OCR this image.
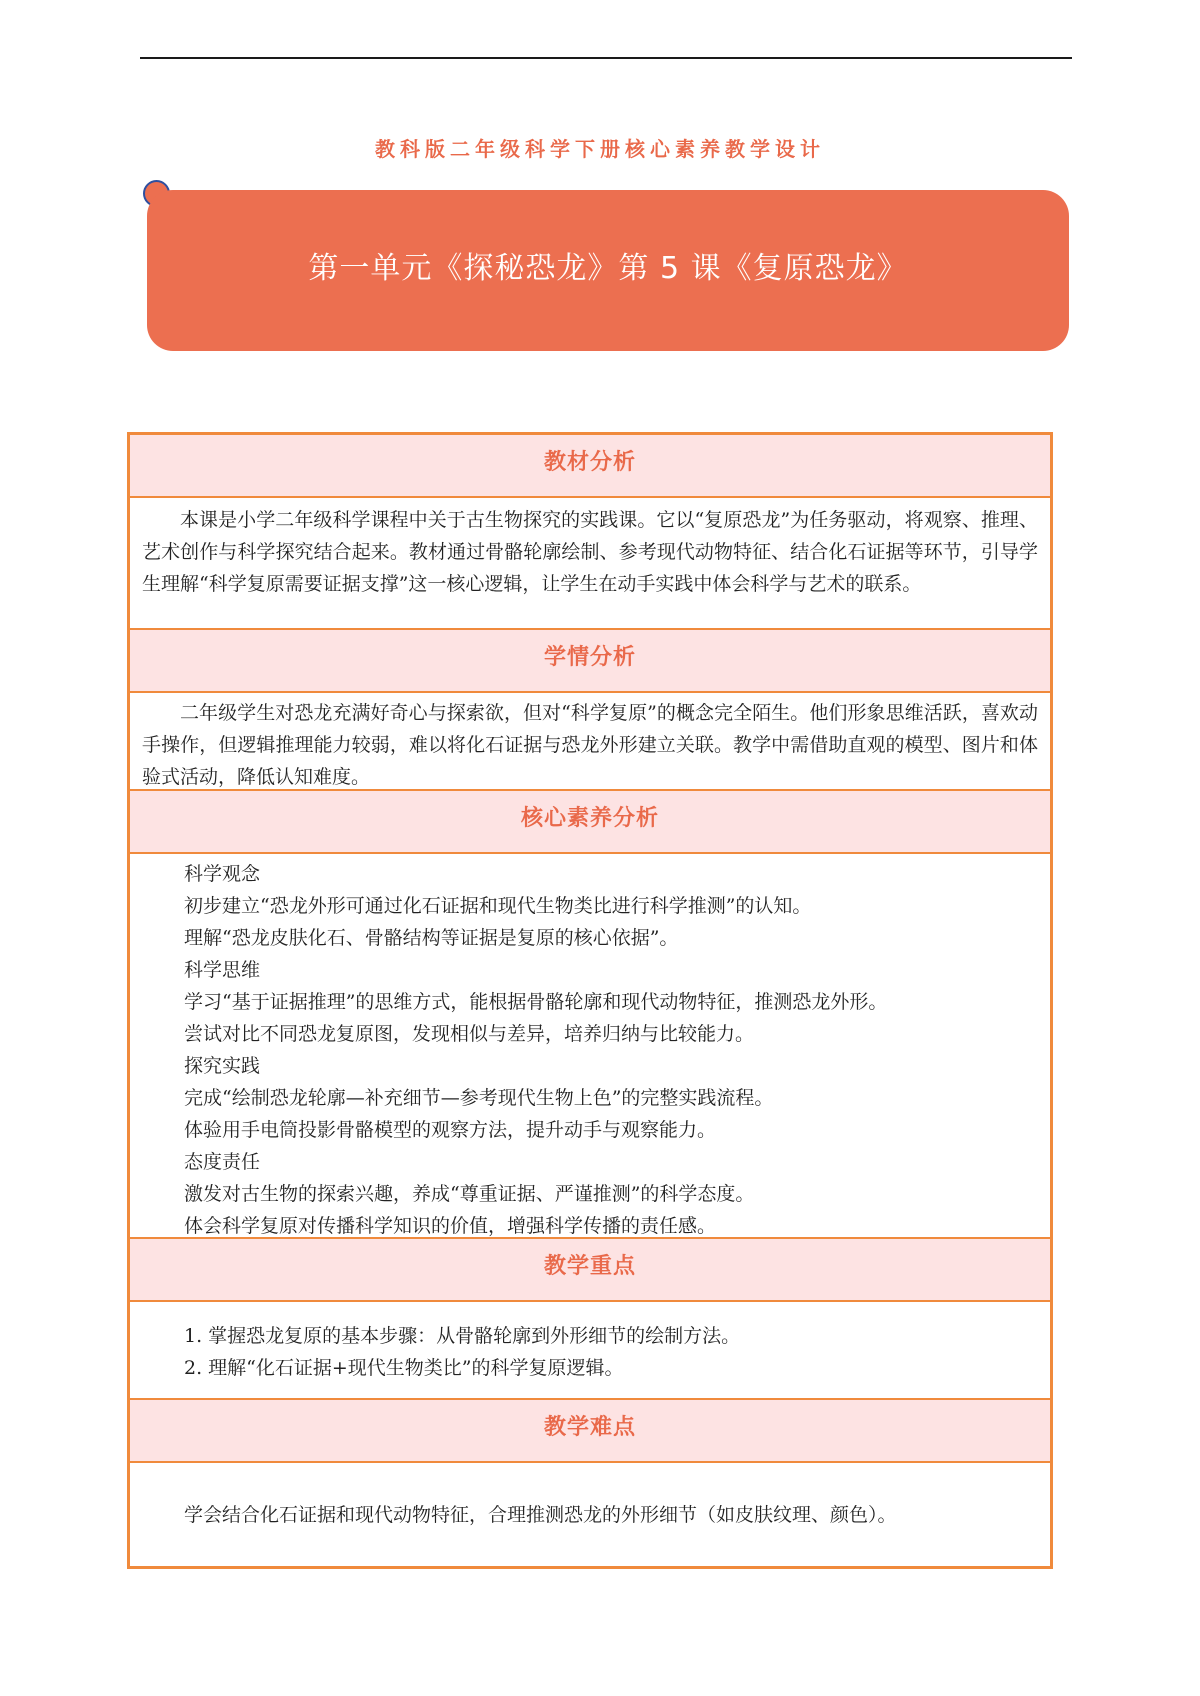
教科版二年级科学下册核心素养教学设计
第一单元《探秘恐龙》第 5 课《复原恐龙》
教材分析

本课是小学二年级科学课程中关于古生物探究的实践课。它以“复原恐龙”为任务驱动，将观察、推理、艺术创作与科学探究结合起来。教材通过骨骼轮廓绘制、参考现代动物特征、结合化石证据等环节，引导学生理解“科学复原需要证据支撑”这一核心逻辑，让学生在动手实践中体会科学与艺术的联系。

学情分析

二年级学生对恐龙充满好奇心与探索欲，但对“科学复原”的概念完全陌生。他们形象思维活跃，喜欢动手操作，但逻辑推理能力较弱，难以将化石证据与恐龙外形建立关联。教学中需借助直观的模型、图片和体验式活动，降低认知难度。

核心素养分析

科学观念

初步建立“恐龙外形可通过化石证据和现代生物类比进行科学推测”的认知。

理解“恐龙皮肤化石、骨骼结构等证据是复原的核心依据”。

科学思维

学习“基于证据推理”的思维方式，能根据骨骼轮廓和现代动物特征，推测恐龙外形。

尝试对比不同恐龙复原图，发现相似与差异，培养归纳与比较能力。

探究实践

完成“绘制恐龙轮廓—补充细节—参考现代生物上色”的完整实践流程。

体验用手电筒投影骨骼模型的观察方法，提升动手与观察能力。

态度责任

激发对古生物的探索兴趣，养成“尊重证据、严谨推测”的科学态度。

体会科学复原对传播科学知识的价值，增强科学传播的责任感。

教学重点

1. 掌握恐龙复原的基本步骤：从骨骼轮廓到外形细节的绘制方法。

2. 理解“化石证据+现代生物类比”的科学复原逻辑。

教学难点

学会结合化石证据和现代动物特征，合理推测恐龙的外形细节（如皮肤纹理、颜色）。
